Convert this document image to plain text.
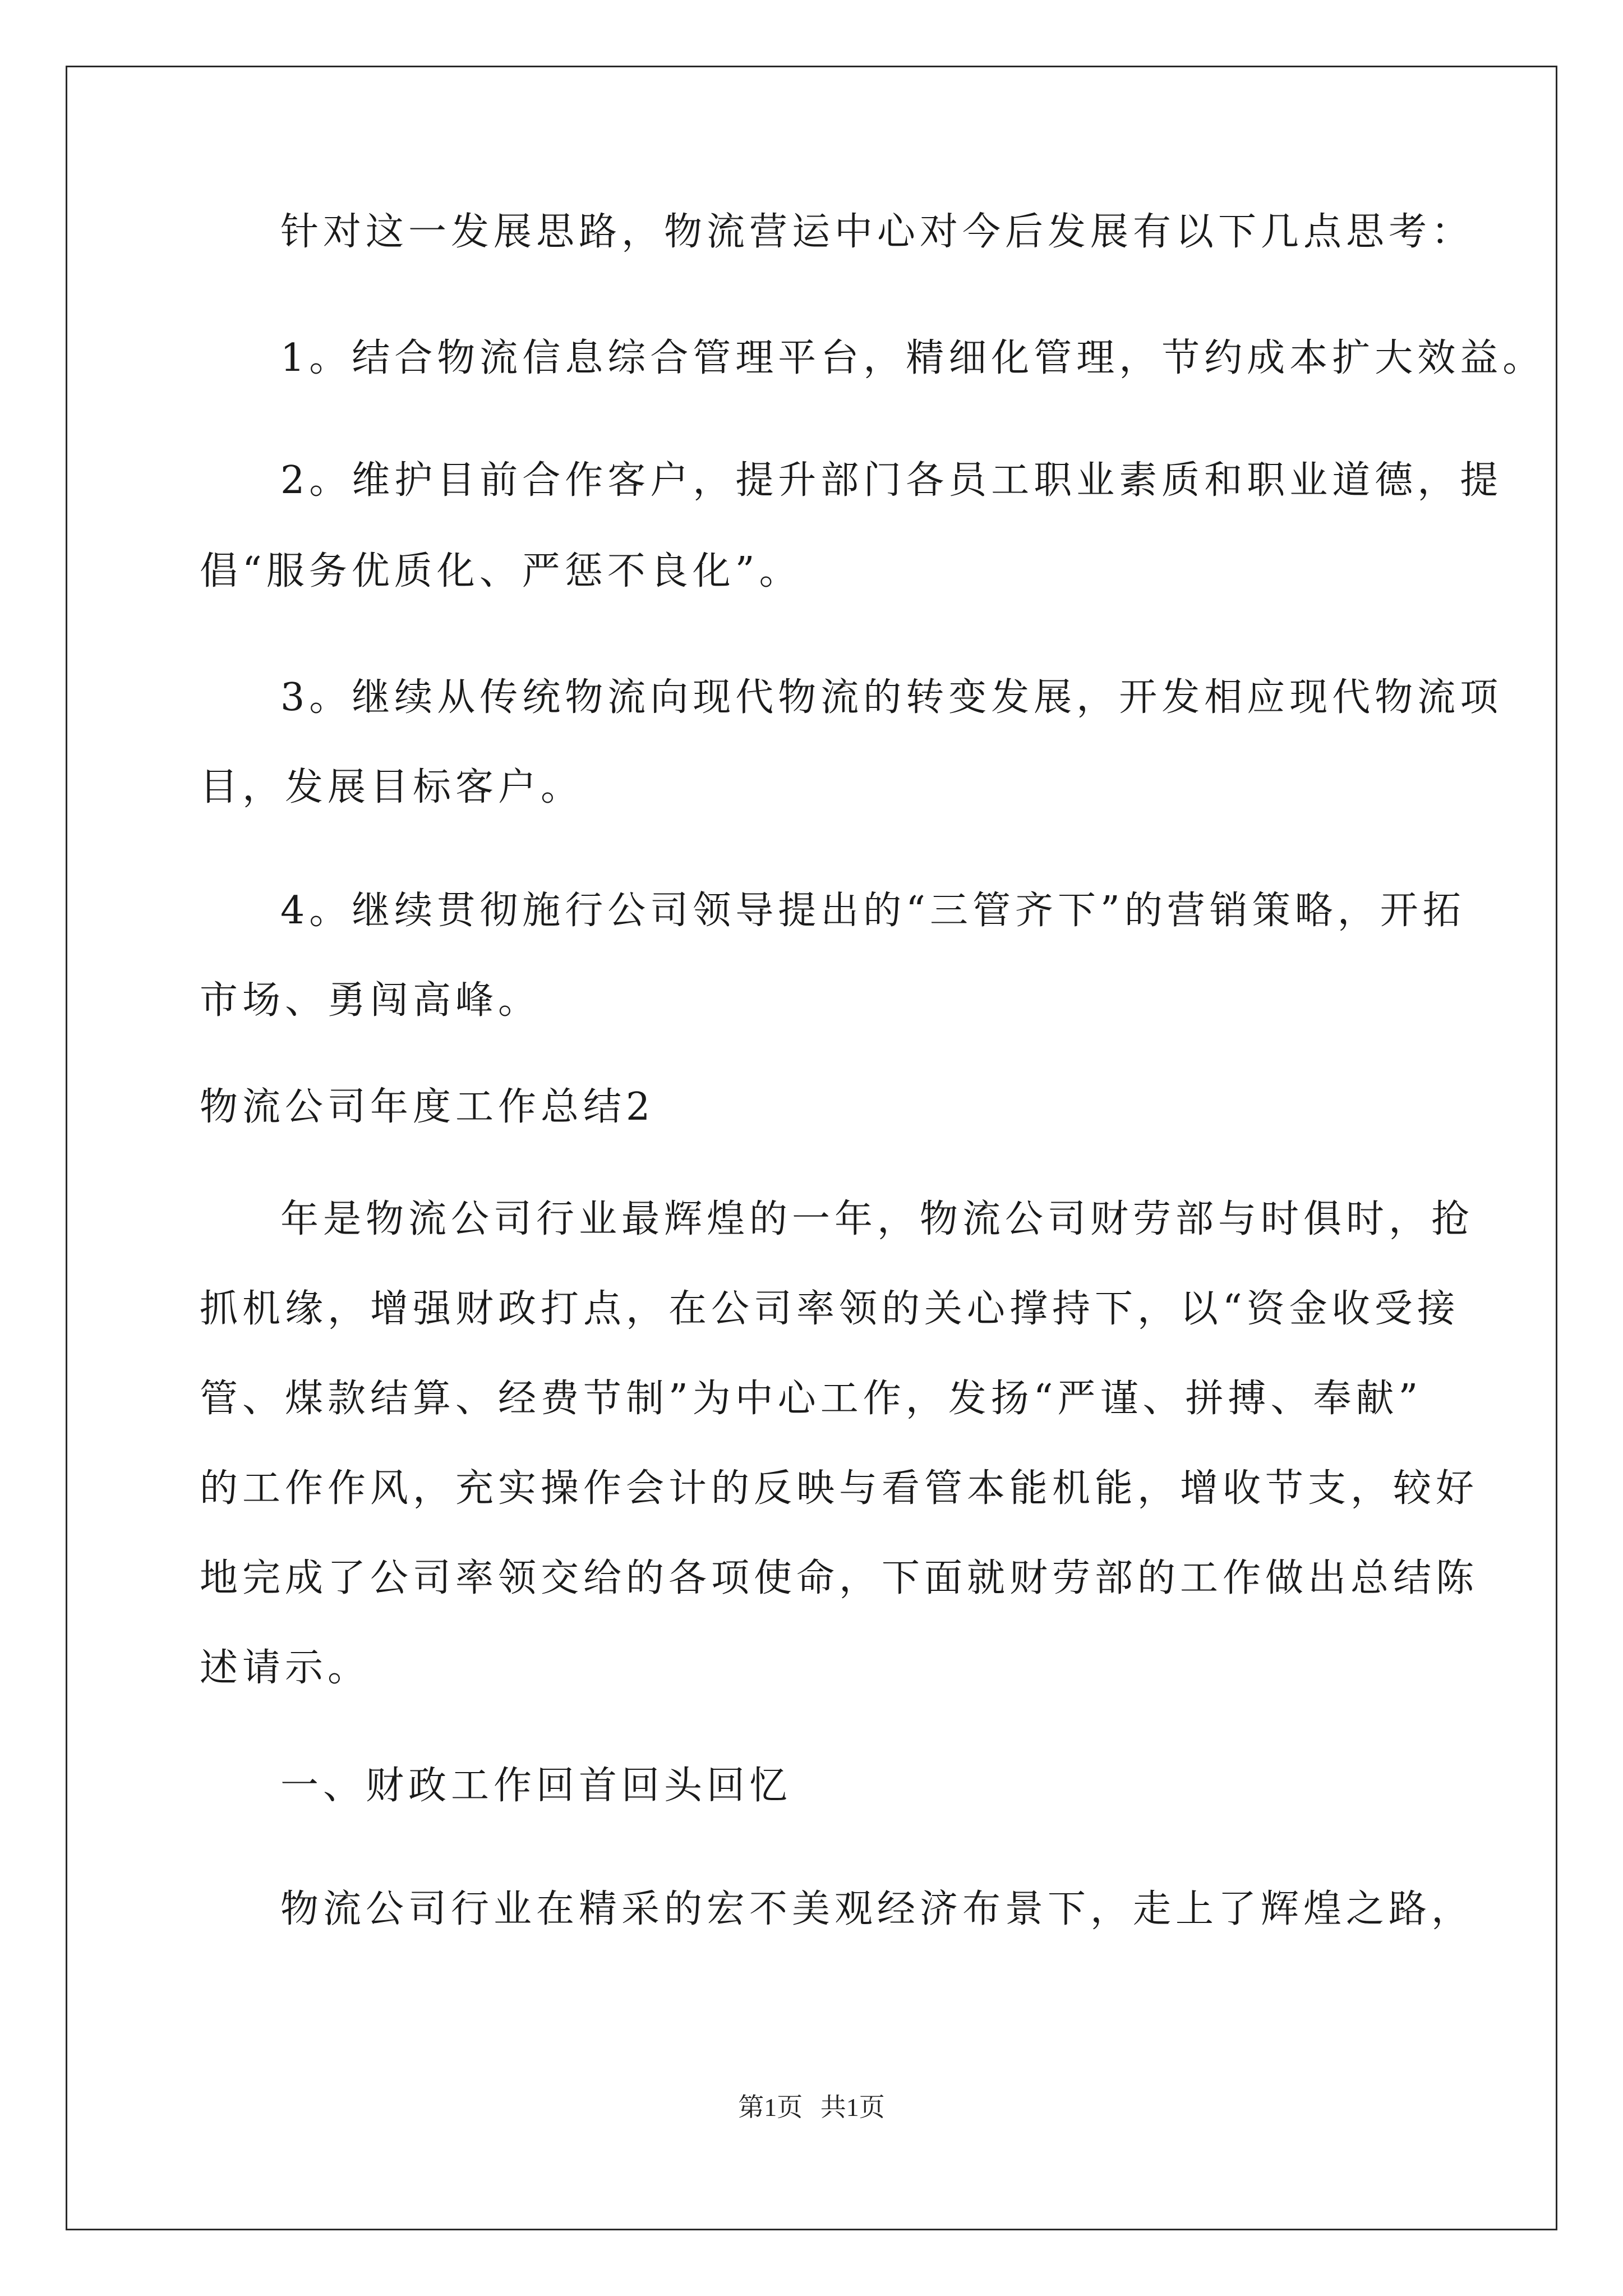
针对这一发展思路，物流营运中心对今后发展有以下几点思考：
1。结合物流信息综合管理平台，精细化管理，节约成本扩大效益。
2。维护目前合作客户，提升部门各员工职业素质和职业道德，提
倡“服务优质化、严惩不良化”。
3。继续从传统物流向现代物流的转变发展，开发相应现代物流项
目，发展目标客户。
4。继续贯彻施行公司领导提出的“三管齐下”的营销策略，开拓
市场、勇闯高峰。
物流公司年度工作总结2
年是物流公司行业最辉煌的一年，物流公司财劳部与时俱时，抢
抓机缘，增强财政打点，在公司率领的关心撑持下，以“资金收受接
管、煤款结算、经费节制”为中心工作，发扬“严谨、拼搏、奉献”
的工作作风，充实操作会计的反映与看管本能机能，增收节支，较好
地完成了公司率领交给的各项使命，下面就财劳部的工作做出总结陈
述请示。
一、财政工作回首回头回忆
物流公司行业在精采的宏不美观经济布景下，走上了辉煌之路，
第1页 共1页
